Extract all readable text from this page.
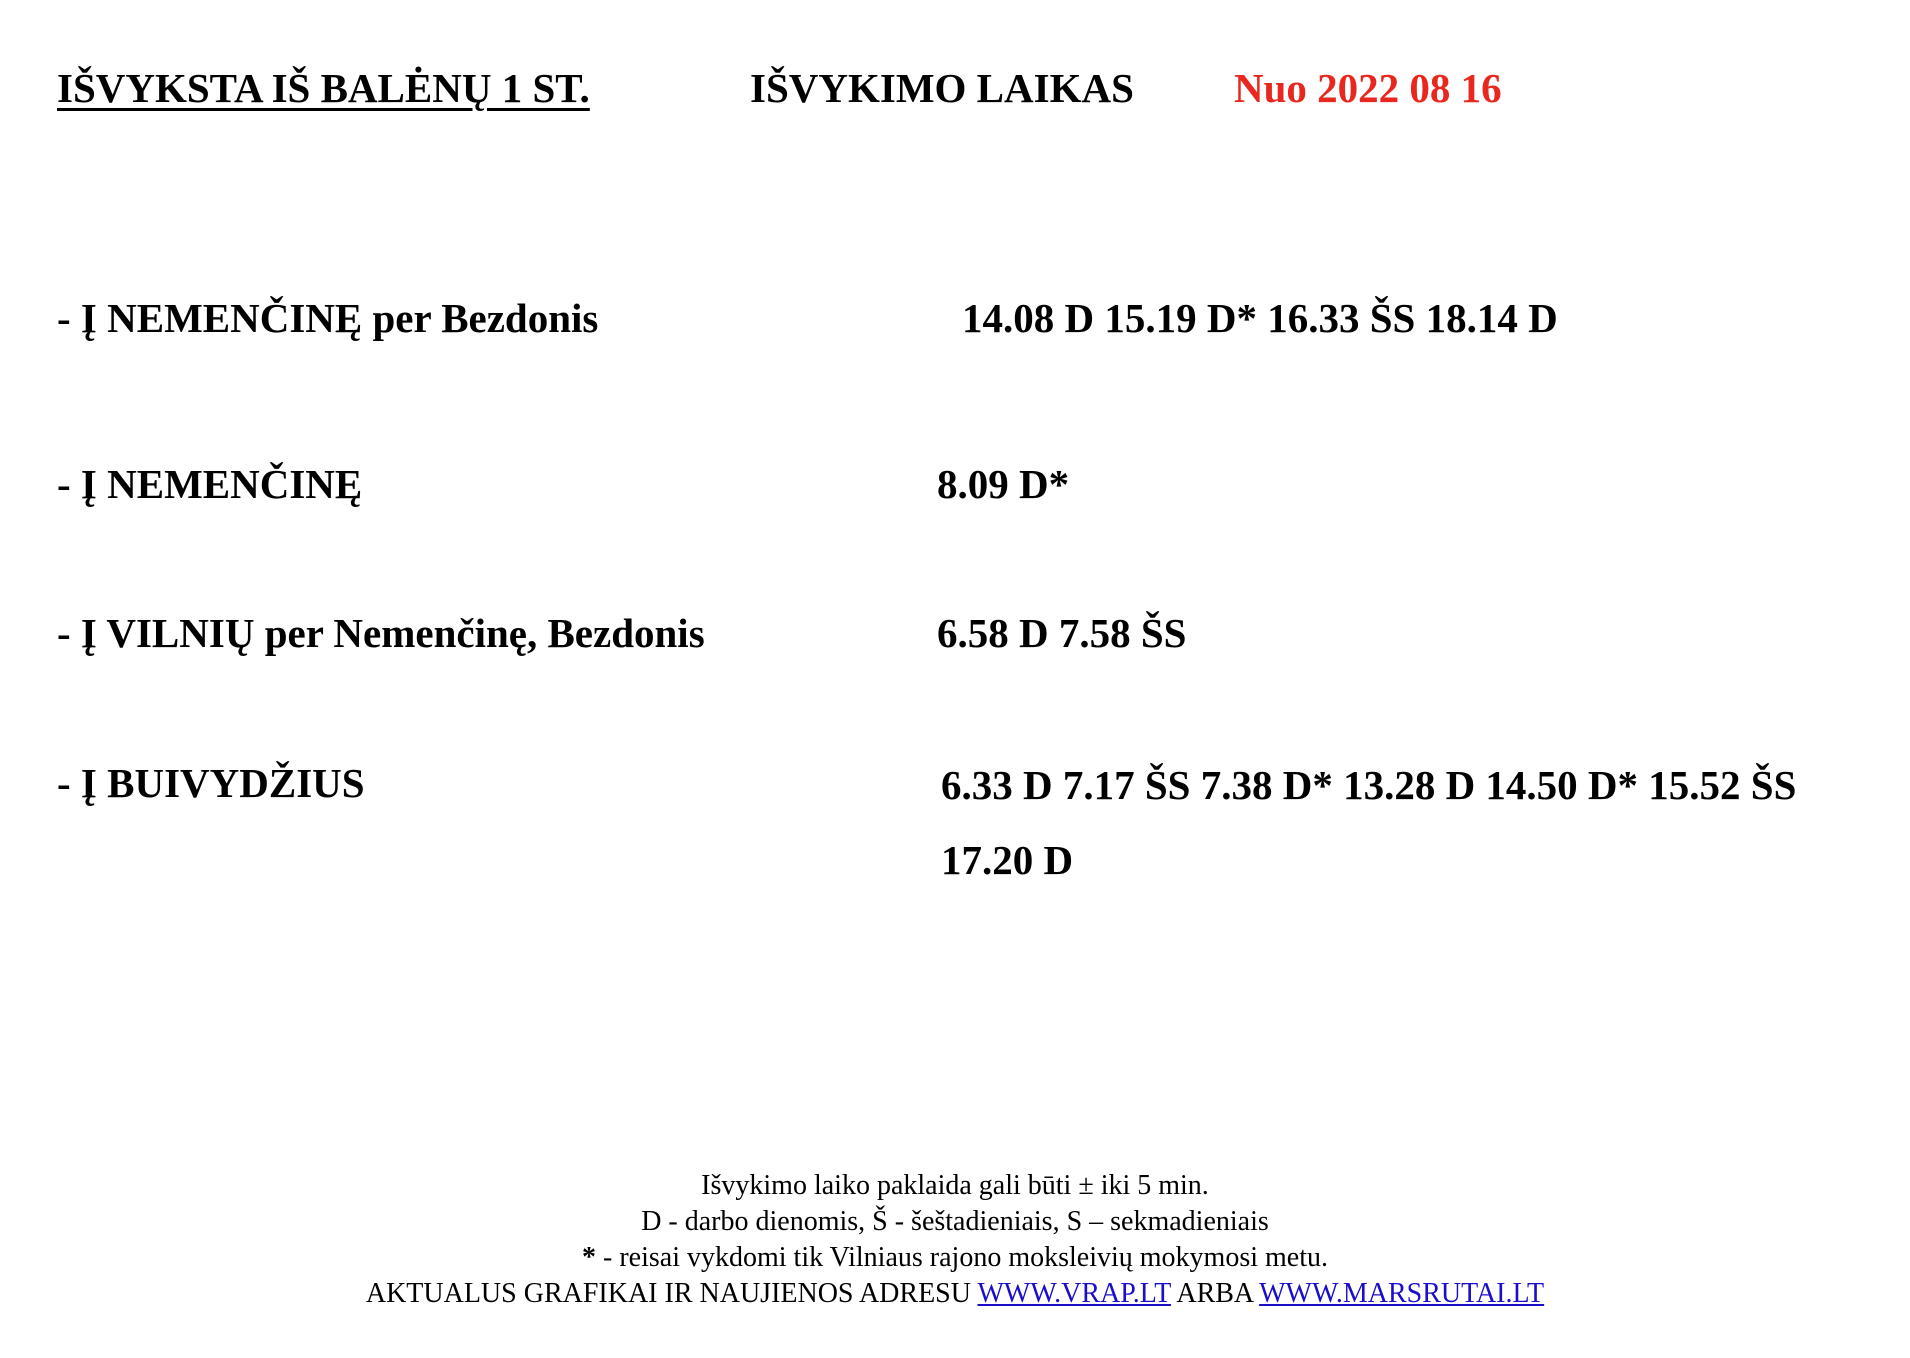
IŠVYKSTA IŠ BALĖNŲ 1 ST.	IŠVYKIMO LAIKAS Nuo 2022 08 16
- Į NEMENČINĘ per Bezdonis	14.08 D 15.19 D* 16.33 ŠS 18.14 D
- Į NEMENČINĘ	8.09 D*
- Į VILNIŲ per Nemenčinę, Bezdonis	6.58 D 7.58 ŠS
- Į BUIVYDŽIUS	6.33 D 7.17 ŠS 7.38 D* 13.28 D 14.50 D* 15.52 ŠS 17.20 D
Išvykimo laiko paklaida gali būti ± iki 5 min.
D - darbo dienomis, Š - šeštadieniais, S – sekmadieniais
* - reisai vykdomi tik Vilniaus rajono moksleivių mokymosi metu.
AKTUALUS GRAFIKAI IR NAUJIENOS ADRESU WWW.VRAP.LT ARBA WWW.MARSRUTAI.LT
